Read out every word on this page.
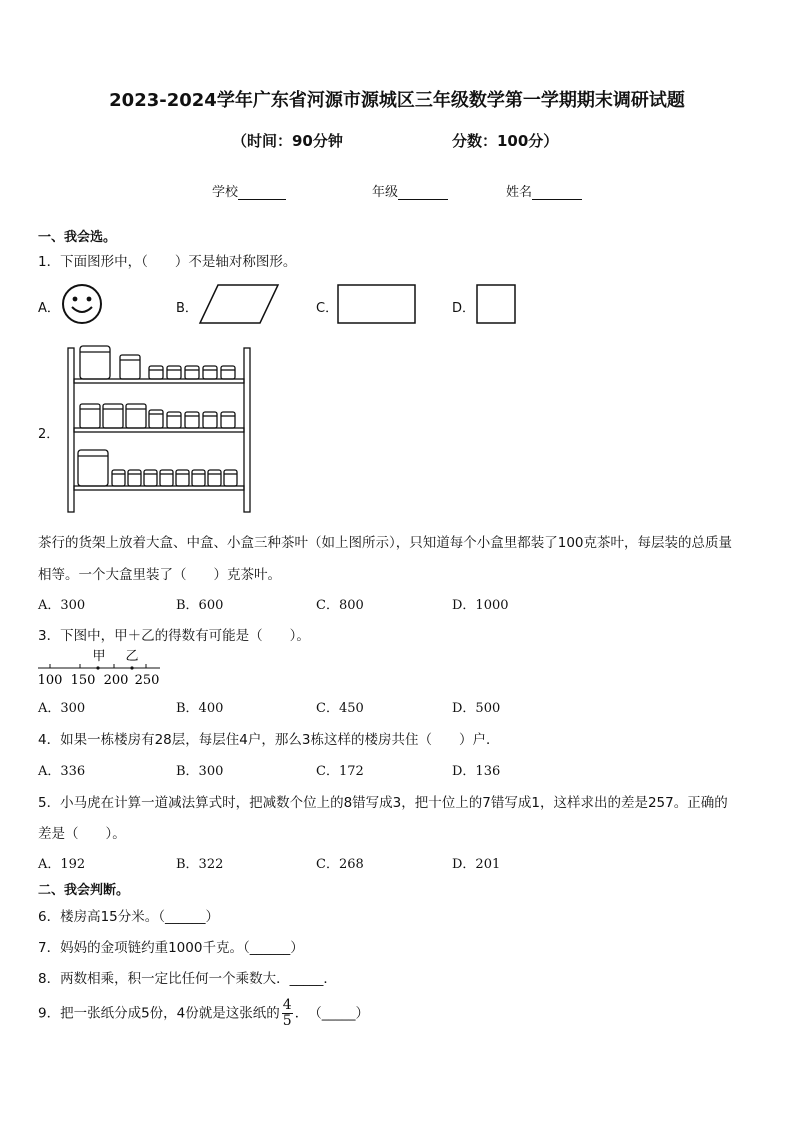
2023-2024学年广东省河源市源城区三年级数学第一学期期末调研试题
（时间：90分钟	分数：100分）
学校	年级	姓名
一、我会选。
1．下面图形中，（　　）不是轴对称图形。
A．	B．	C．	D．
2．
茶行的货架上放着大盒、中盒、小盒三种茶叶（如上图所示），只知道每个小盒里都装了100克茶叶，每层装的总质量
相等。一个大盒里装了（　　）克茶叶。
A．300	B．600	C．800	D．1000
3．下图中，甲＋乙的得数有可能是（　　）。
甲 乙
100 150 200 250
A．300	B．400	C．450	D．500
4．如果一栋楼房有28层，每层住4户，那么3栋这样的楼房共住（　　）户．
A．336	B．300	C．172	D．136
5．小马虎在计算一道减法算式时，把减数个位上的8错写成3，把十位上的7错写成1，这样求出的差是257。正确的
差是（　　）。
A．192	B．322	C．268	D．201
二、我会判断。
6．楼房高15分米。（______）
7．妈妈的金项链约重1000千克。（______）
8．两数相乘，积一定比任何一个乘数大．_____．
9．把一张纸分成5份，4份就是这张纸的 $\frac{4}{5}$ ．　（_____）
